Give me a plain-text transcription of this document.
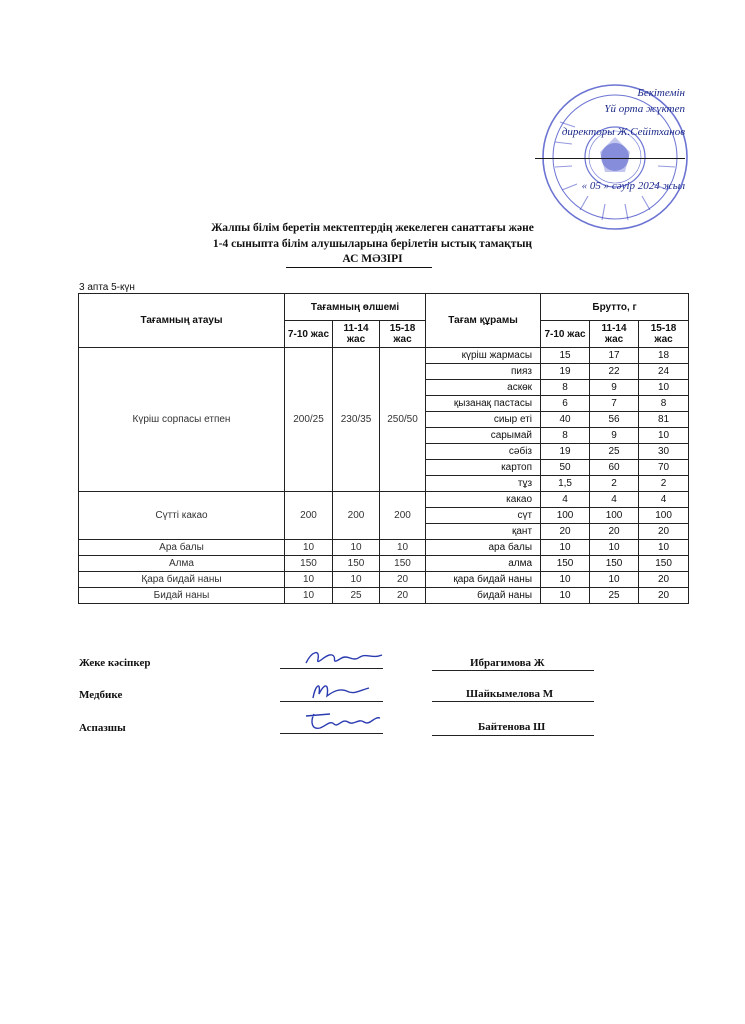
Бекітемін
Үй орта жүктеп
директоры Ж.Сейітханов
« 05 » сәуір 2024 жыл
Жалпы білім беретін мектептердің жекелеген санаттағы және
1-4 сыныпта білім алушыларына берілетін ыстық тамақтың
АС МӘЗІРІ
3 апта 5-күн
Тағамның атауы	Тағамның өлшемі			Тағам құрамы	Брутто, г		
	7-10 жас	11-14 жас	15-18 жас		7-10 жас	11-14 жас	15-18 жас
Күріш сорпасы етпен	200/25	230/35	250/50	күріш жармасы	15	17	18
				пияз	19	22	24
				аскөк	8	9	10
				қызанақ пастасы	6	7	8
				сиыр еті	40	56	81
				сарымай	8	9	10
				сәбіз	19	25	30
				картоп	50	60	70
				тұз	1,5	2	2
Сүтті какао	200	200	200	какао	4	4	4
				сүт	100	100	100
				қант	20	20	20
Ара балы	10	10	10	ара балы	10	10	10
Алма	150	150	150	алма	150	150	150
Қара бидай наны	10	10	20	қара бидай наны	10	10	20
Бидай наны	10	25	20	бидай наны	10	25	20
Жеке кәсіпкер	Ибрагимова Ж
Медбике	Шайкымелова М
Аспазшы	Байтенова Ш
